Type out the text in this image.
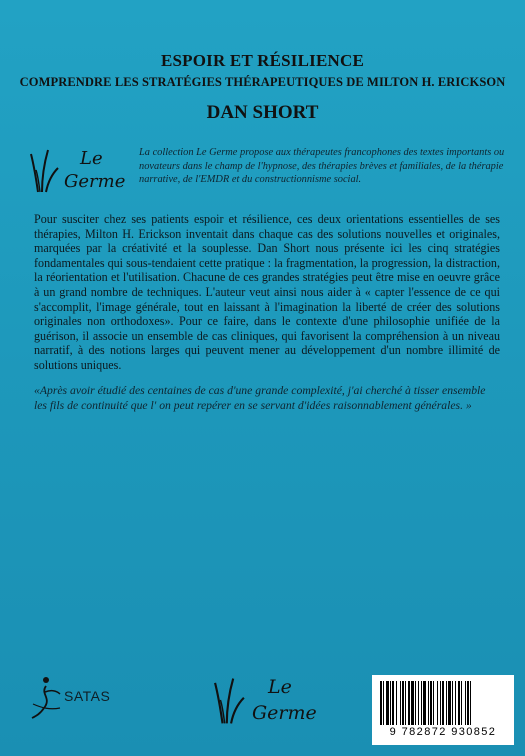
ESPOIR ET RÉSILIENCE
COMPRENDRE LES STRATÉGIES THÉRAPEUTIQUES DE MILTON H. ERICKSON
DAN SHORT
Le
Germe
La collection Le Germe propose aux thérapeutes francophones des textes importants ou novateurs dans le champ de l'hypnose, des thérapies brèves et familiales, de la thérapie narrative, de l'EMDR et du constructionnisme social.
Pour susciter chez ses patients espoir et résilience, ces deux orientations essentielles de ses thérapies, Milton H. Erickson inventait dans chaque cas des solutions nouvelles et originales, marquées par la créativité et la souplesse. Dan Short nous présente ici les cinq stratégies fondamentales qui sous-tendaient cette pratique : la fragmentation, la progression, la distraction, la réorientation et l'utilisation. Chacune de ces grandes stratégies peut être mise en oeuvre grâce à un grand nombre de techniques. L'auteur veut ainsi nous aider à « capter l'essence de ce qui s'accomplit, l'image générale, tout en laissant à l'imagination la liberté de créer des solutions originales non orthodoxes». Pour ce faire, dans le contexte d'une philosophie unifiée de la guérison, il associe un ensemble de cas cliniques, qui favorisent la compréhension à un niveau narratif, à des notions larges qui peuvent mener au développement d'un nombre illimité de solutions uniques.
«Après avoir étudié des centaines de cas d'une grande complexité, j'ai cherché à tisser ensemble les fils de continuité que l' on peut repérer en se servant d'idées raisonnablement générales. »
SATAS	Le
Germe
9 782872 930852
